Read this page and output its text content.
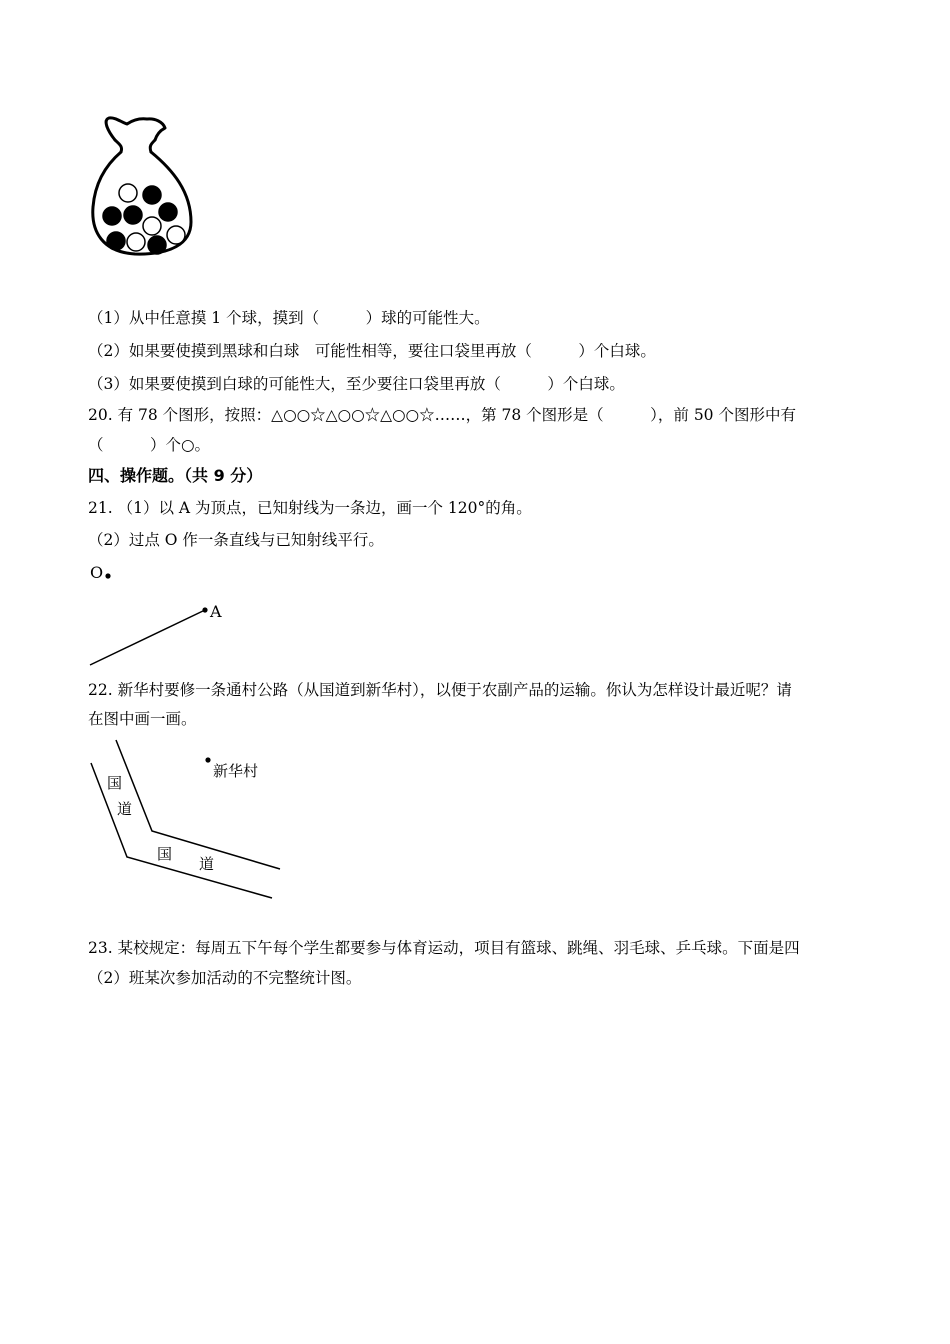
（1）从中任意摸 1 个球，摸到（　　　）球的可能性大。
（2）如果要使摸到黑球和白球　可能性相等，要往口袋里再放（　　　）个白球。
（3）如果要使摸到白球的可能性大，至少要往口袋里再放（　　　）个白球。
20. 有 78 个图形，按照：△○○☆△○○☆△○○☆……，第 78 个图形是（　　　），前 50 个图形中有
（　　　）个○。
四、操作题。（共 9 分）
21. （1）以 A 为顶点，已知射线为一条边，画一个 120°的角。
（2）过点 O 作一条直线与已知射线平行。
O
A
22. 新华村要修一条通村公路（从国道到新华村），以便于农副产品的运输。你认为怎样设计最近呢？请
在图中画一画。
国
道
国
道
新华村
23. 某校规定：每周五下午每个学生都要参与体育运动，项目有篮球、跳绳、羽毛球、乒乓球。下面是四
（2）班某次参加活动的不完整统计图。
